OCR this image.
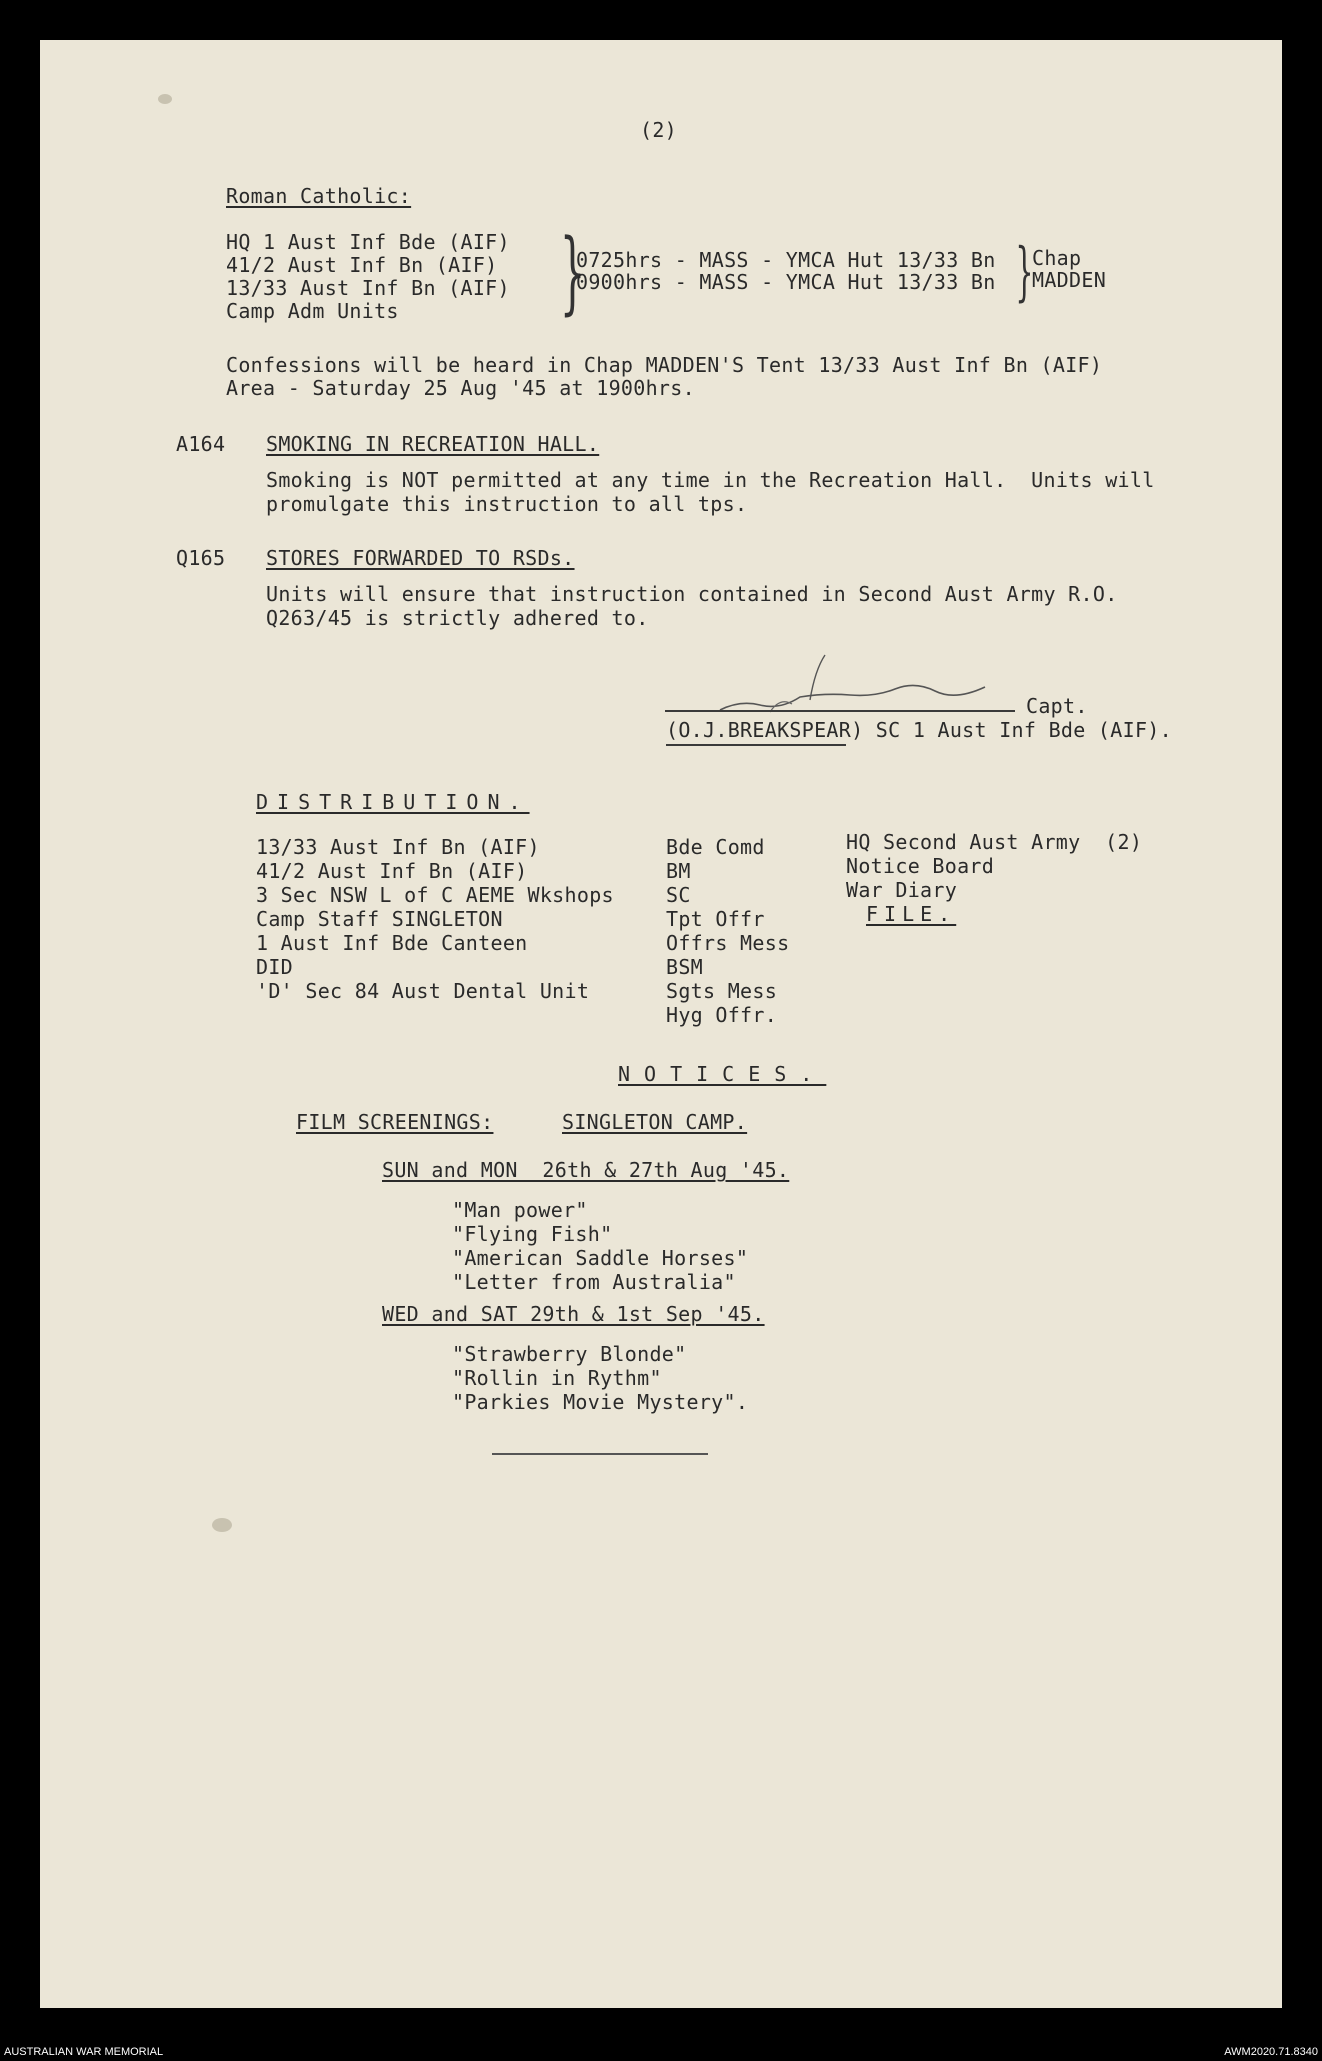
(2)
Roman Catholic:
HQ 1 Aust Inf Bde (AIF)
41/2 Aust Inf Bn (AIF)
13/33 Aust Inf Bn (AIF)
Camp Adm Units }
0725hrs - MASS - YMCA Hut 13/33 Bn
0900hrs - MASS - YMCA Hut 13/33 Bn }
Chap
MADDEN
Confessions will be heard in Chap MADDEN'S Tent 13/33 Aust Inf Bn (AIF)
Area - Saturday 25 Aug '45 at 1900hrs.
A164 SMOKING IN RECREATION HALL.
Smoking is NOT permitted at any time in the Recreation Hall.  Units will
promulgate this instruction to all tps.
Q165 STORES FORWARDED TO RSDs.
Units will ensure that instruction contained in Second Aust Army R.O.
Q263/45 is strictly adhered to.
Capt.
(O.J.BREAKSPEAR) SC 1 Aust Inf Bde (AIF).
DISTRIBUTION.
13/33 Aust Inf Bn (AIF)
41/2 Aust Inf Bn (AIF)
3 Sec NSW L of C AEME Wkshops
Camp Staff SINGLETON
1 Aust Inf Bde Canteen
DID
'D' Sec 84 Aust Dental Unit
Bde Comd
BM
SC
Tpt Offr
Offrs Mess
BSM
Sgts Mess
Hyg Offr.
HQ Second Aust Army  (2)
Notice Board
War Diary
FILE.
NOTICES.
FILM SCREENINGS:	SINGLETON CAMP.
SUN and MON  26th & 27th Aug '45.
"Man power"
"Flying Fish"
"American Saddle Horses"
"Letter from Australia"
WED and SAT 29th & 1st Sep '45.
"Strawberry Blonde"
"Rollin in Rythm"
"Parkies Movie Mystery".
AUSTRALIAN WAR MEMORIAL	AWM2020.71.8340
